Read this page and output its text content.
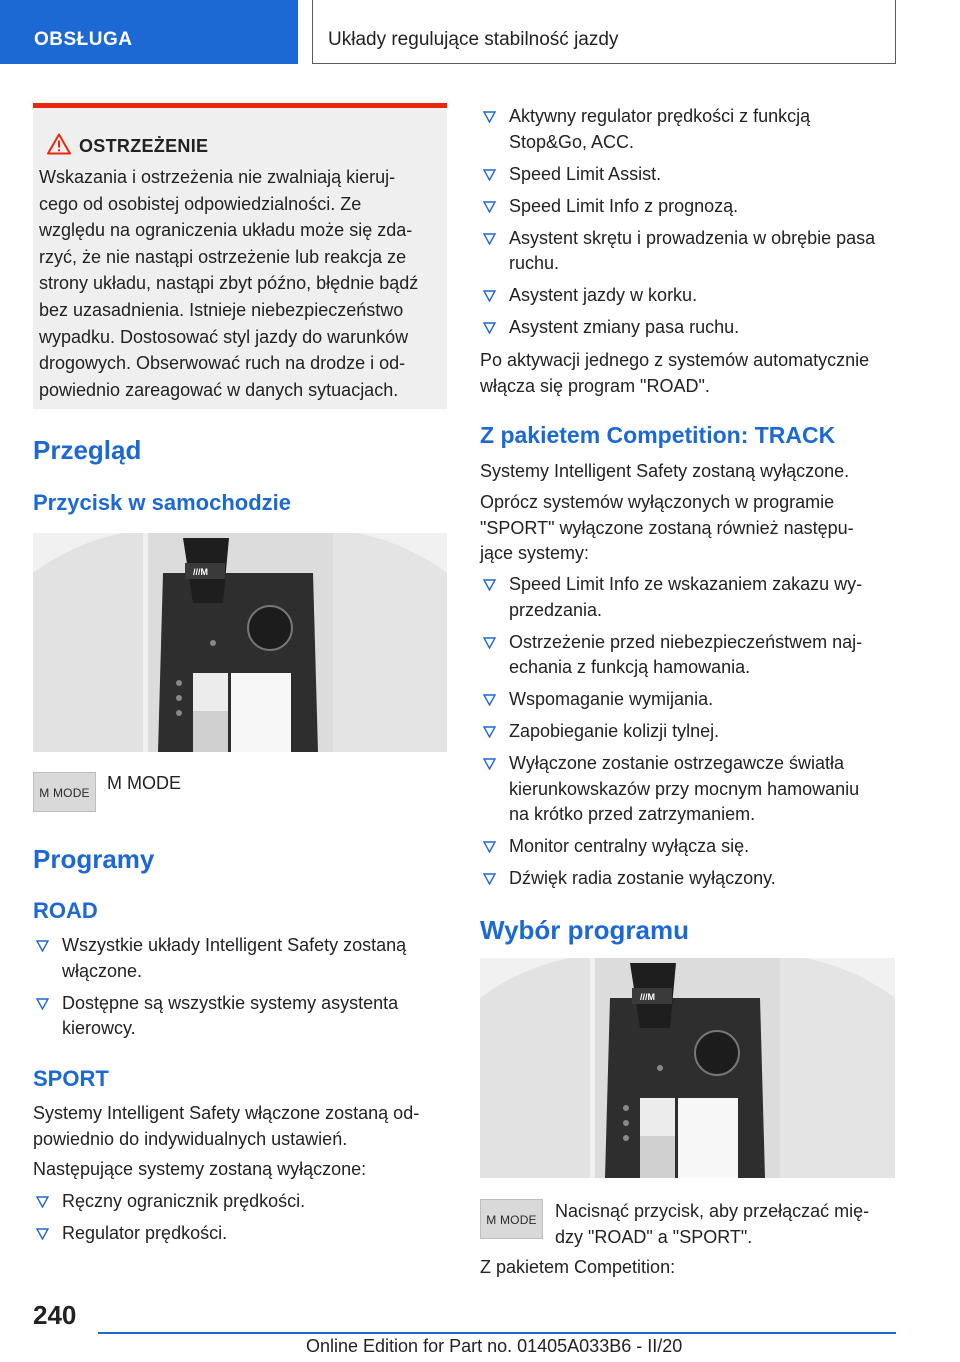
OBSŁUGA	Układy regulujące stabilność jazdy
OSTRZEŻENIE
Wskazania i ostrzeżenia nie zwalniają kieruj-
cego od osobistej odpowiedzialności. Ze
względu na ograniczenia układu może się zda-
rzyć, że nie nastąpi ostrzeżenie lub reakcja ze
strony układu, nastąpi zbyt późno, błędnie bądź
bez uzasadnienia. Istnieje niebezpieczeństwo
wypadku. Dostosować styl jazdy do warunków
drogowych. Obserwować ruch na drodze i od-
powiednio zareagować w danych sytuacjach.
Przegląd
Przycisk w samochodzie
///M
M MODE M MODE
Programy
ROAD
Wszystkie układy Intelligent Safety zostaną
włączone.
Dostępne są wszystkie systemy asystenta
kierowcy.
SPORT
Systemy Intelligent Safety włączone zostaną od-
powiednio do indywidualnych ustawień.
Następujące systemy zostaną wyłączone:
Ręczny ogranicznik prędkości.
Regulator prędkości.
Aktywny regulator prędkości z funkcją
Stop&Go, ACC.
Speed Limit Assist.
Speed Limit Info z prognozą.
Asystent skrętu i prowadzenia w obrębie pasa
ruchu.
Asystent jazdy w korku.
Asystent zmiany pasa ruchu.
Po aktywacji jednego z systemów automatycznie
włącza się program "ROAD".
Z pakietem Competition: TRACK
Systemy Intelligent Safety zostaną wyłączone.
Oprócz systemów wyłączonych w programie
"SPORT" wyłączone zostaną również następu-
jące systemy:
Speed Limit Info ze wskazaniem zakazu wy-
przedzania.
Ostrzeżenie przed niebezpieczeństwem naj-
echania z funkcją hamowania.
Wspomaganie wymijania.
Zapobieganie kolizji tylnej.
Wyłączone zostanie ostrzegawcze światła
kierunkowskazów przy mocnym hamowaniu
na krótko przed zatrzymaniem.
Monitor centralny wyłącza się.
Dźwięk radia zostanie wyłączony.
Wybór programu
///M
M MODE Nacisnąć przycisk, aby przełączać mię-
dzy "ROAD" a "SPORT".
Z pakietem Competition:
240
Online Edition for Part no. 01405A033B6 - II/20
